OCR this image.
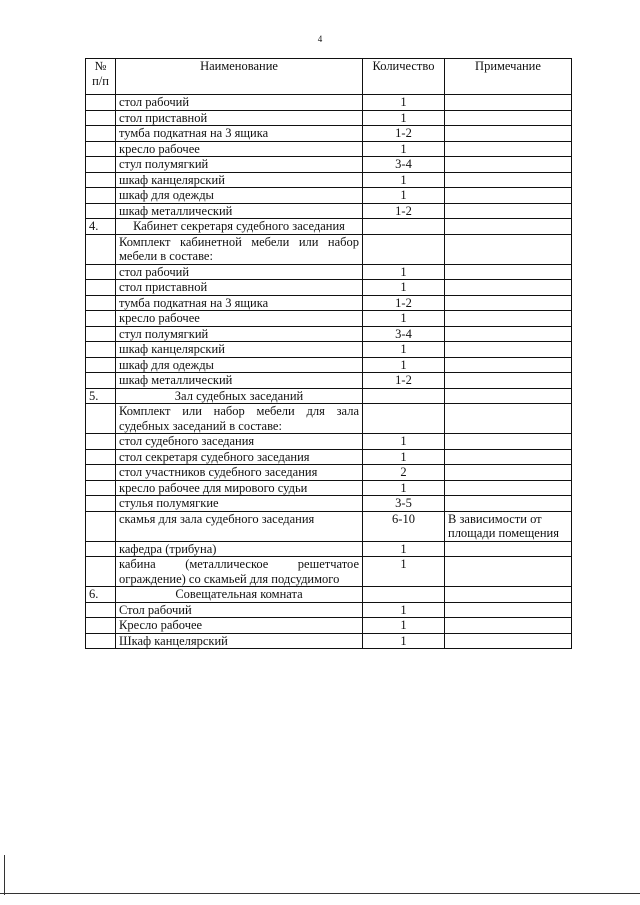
4
№ п/п	Наименование	Количество	Примечание
	стол рабочий	1	
	стол приставной	1	
	тумба подкатная на 3 ящика	1-2	
	кресло рабочее	1	
	стул полумягкий	3-4	
	шкаф канцелярский	1	
	шкаф для одежды	1	
	шкаф металлический	1-2	
4.	Кабинет секретаря судебного заседания		
	Комплект кабинетной мебели или набор мебели в составе:		
	стол рабочий	1	
	стол приставной	1	
	тумба подкатная на 3 ящика	1-2	
	кресло рабочее	1	
	стул полумягкий	3-4	
	шкаф канцелярский	1	
	шкаф для одежды	1	
	шкаф металлический	1-2	
5.	Зал судебных заседаний		
	Комплект или набор мебели для зала судебных заседаний в составе:		
	стол судебного заседания	1	
	стол секретаря судебного заседания	1	
	стол участников судебного заседания	2	
	кресло рабочее для мирового судьи	1	
	стулья полумягкие	3-5	
	скамья для зала судебного заседания	6-10	В зависимости от площади помещения
	кафедра (трибуна)	1	
	кабина (металлическое решетчатое ограждение) со скамьей для подсудимого	1	
6.	Совещательная комната		
	Стол рабочий	1	
	Кресло рабочее	1	
	Шкаф канцелярский	1	
